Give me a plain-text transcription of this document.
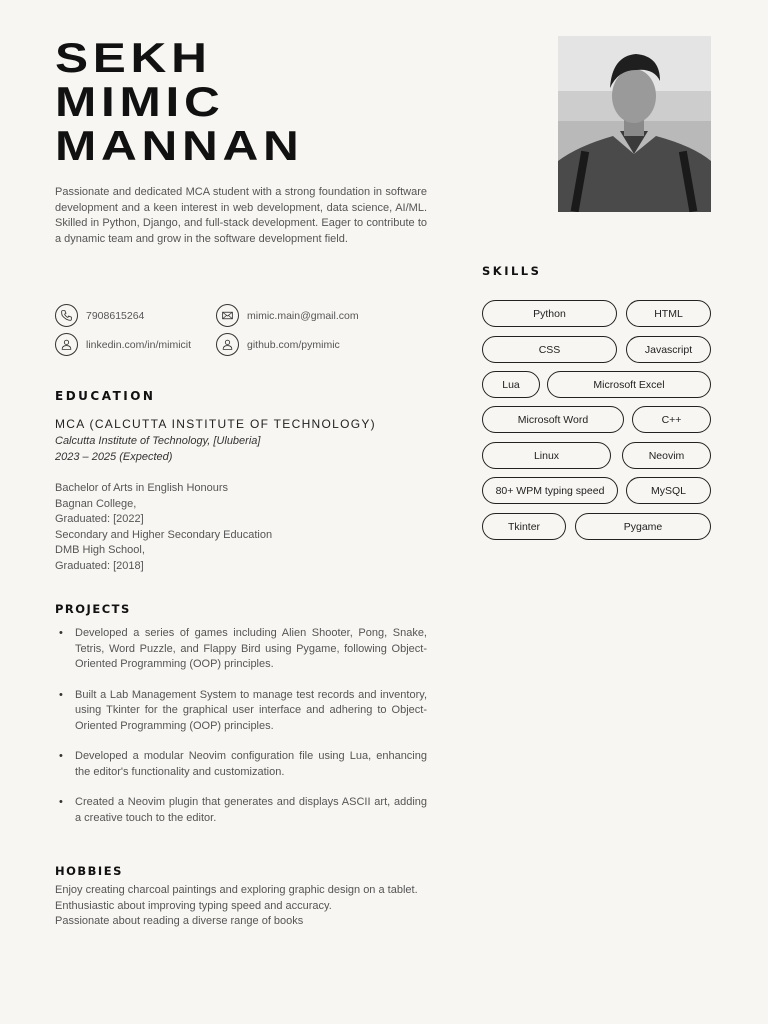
SEKH
MIMIC
MANNAN

Passionate and dedicated MCA student with a strong foundation in software development and a keen interest in web development, data science, AI/ML. Skilled in Python, Django, and full-stack development. Eager to contribute to a dynamic team and grow in the software development field.

7908615264	mimic.main@gmail.com
linkedin.com/in/mimicit	github.com/pymimic
EDUCATION
MCA (CALCUTTA INSTITUTE OF TECHNOLOGY)
Calcutta Institute of Technology, [Uluberia]
2023 – 2025 (Expected)
Bachelor of Arts in English Honours
Bagnan College,
Graduated: [2022]
Secondary and Higher Secondary Education
DMB High School,
Graduated: [2018]
PROJECTS
• Developed a series of games including Alien Shooter, Pong, Snake, Tetris, Word Puzzle, and Flappy Bird using Pygame, following Object-Oriented Programming (OOP) principles.
• Built a Lab Management System to manage test records and inventory, using Tkinter for the graphical user interface and adhering to Object-Oriented Programming (OOP) principles.
• Developed a modular Neovim configuration file using Lua, enhancing the editor's functionality and customization.
• Created a Neovim plugin that generates and displays ASCII art, adding a creative touch to the editor.
HOBBIES
Enjoy creating charcoal paintings and exploring graphic design on a tablet.
Enthusiastic about improving typing speed and accuracy.
Passionate about reading a diverse range of books
SKILLS
Python	HTML
CSS	Javascript
Lua	Microsoft Excel
Microsoft Word	C++
Linux	Neovim
80+ WPM typing speed	MySQL
Tkinter	Pygame
